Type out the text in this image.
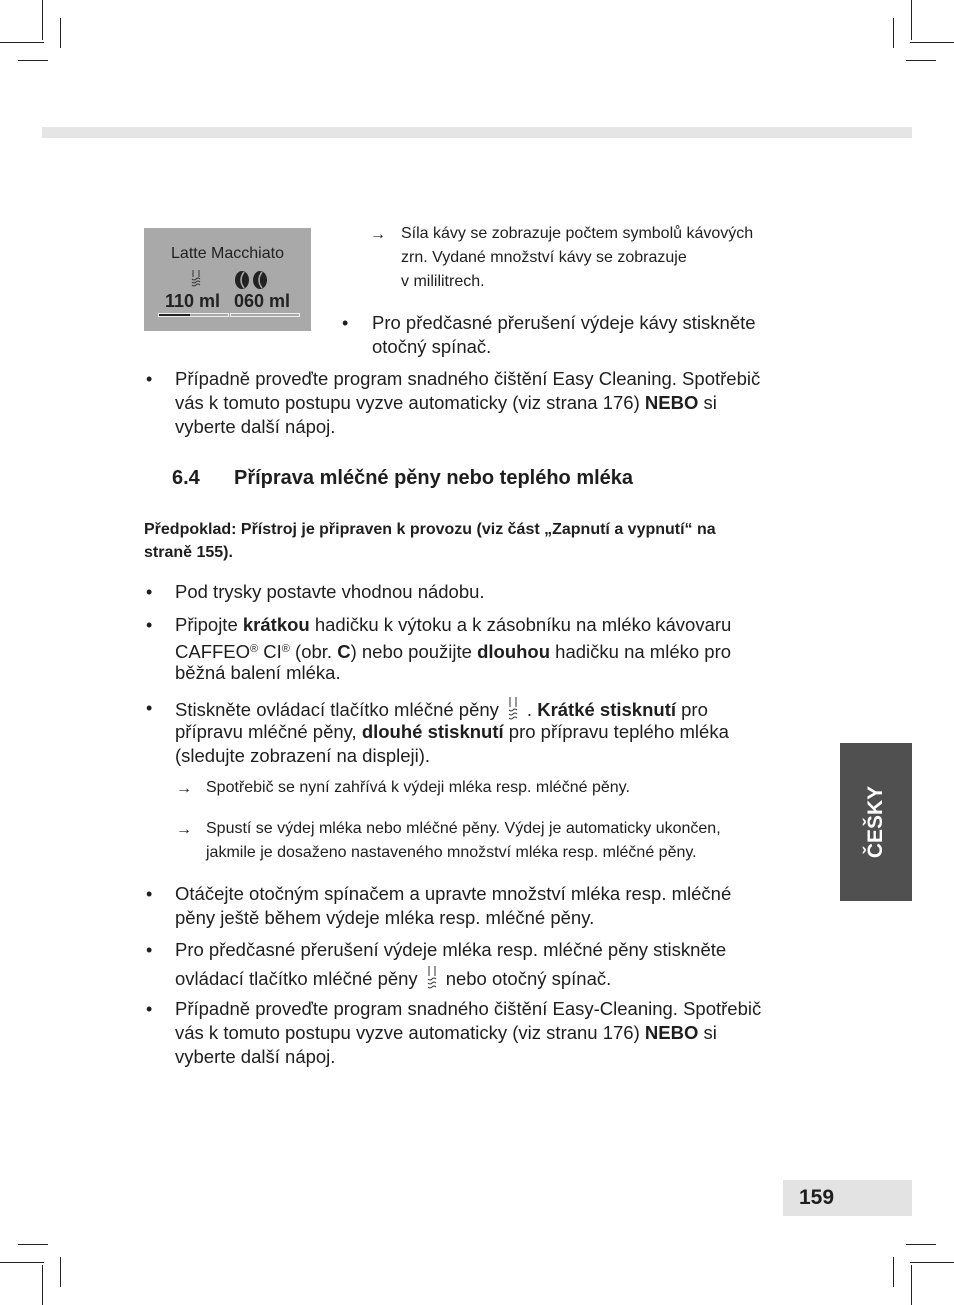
Latte Macchiato
110 ml 060 ml
→ Síla kávy se zobrazuje počtem symbolů kávových
zrn. Vydané množství kávy se zobrazuje
v mililitrech.
• Pro předčasné přerušení výdeje kávy stiskněte
otočný spínač.
• Případně proveďte program snadného čištění Easy Cleaning. Spotřebič
vás k tomuto postupu vyzve automaticky (viz strana 176) NEBO si
vyberte další nápoj.
6.4 Příprava mléčné pěny nebo teplého mléka
Předpoklad: Přístroj je připraven k provozu (viz část „Zapnutí a vypnutí“ na
straně 155).
• Pod trysky postavte vhodnou nádobu.
• Připojte krátkou hadičku k výtoku a k zásobníku na mléko kávovaru
CAFFEO® CI® (obr. C) nebo použijte dlouhou hadičku na mléko pro
běžná balení mléka.
• Stiskněte ovládací tlačítko mléčné pěny . Krátké stisknutí pro
přípravu mléčné pěny, dlouhé stisknutí pro přípravu teplého mléka
(sledujte zobrazení na displeji).
→ Spotřebič se nyní zahřívá k výdeji mléka resp. mléčné pěny.
→ Spustí se výdej mléka nebo mléčné pěny. Výdej je automaticky ukončen,
jakmile je dosaženo nastaveného množství mléka resp. mléčné pěny.
• Otáčejte otočným spínačem a upravte množství mléka resp. mléčné
pěny ještě během výdeje mléka resp. mléčné pěny.
• Pro předčasné přerušení výdeje mléka resp. mléčné pěny stiskněte
ovládací tlačítko mléčné pěny nebo otočný spínač.
• Případně proveďte program snadného čištění Easy-Cleaning. Spotřebič
vás k tomuto postupu vyzve automaticky (viz stranu 176) NEBO si
vyberte další nápoj.
ČEŠKY
159
